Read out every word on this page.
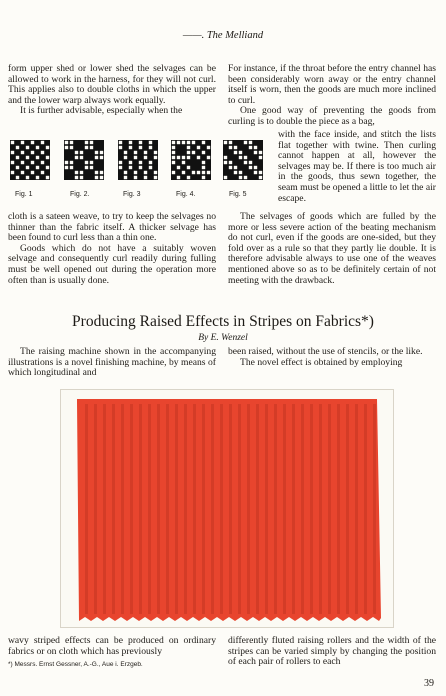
——. The Melliand

form upper shed or lower shed the selvages can be allowed to work in the harness, for they will not curl. This applies also to double cloths in which the upper and the lower warp always work equally.

It is further advisable, especially when the

Fig. 1	Fig. 2.	Fig. 3	Fig. 4.	Fig. 5

cloth is a sateen weave, to try to keep the selvages no thinner than the fabric itself. A thicker selvage has been found to curl less than a thin one.

Goods which do not have a suitably woven selvage and consequently curl readily during fulling must be well opened out during the operation more often than is usually done.

For instance, if the throat before the entry channel has been considerably worn away or the entry channel itself is worn, then the goods are much more inclined to curl.

One good way of preventing the goods from curling is to double the piece as a bag,

with the face inside, and stitch the lists flat together with twine. Then curling cannot happen at all, however the selvages may be. If there is too much air in the goods, thus sewn together, the seam must be opened a little to let the air escape.

The selvages of goods which are fulled by the more or less severe action of the beating mechanism do not curl, even if the goods are one-sided, but they fold over as a rule so that they partly lie double. It is therefore advisable always to use one of the weaves mentioned above so as to be definitely certain of not meeting with the drawback.

Producing Raised Effects in Stripes on Fabrics*)
By E. Wenzel

The raising machine shown in the accompanying illustrations is a novel finishing machine, by means of which longitudinal and

been raised, without the use of stencils, or the like.

The novel effect is obtained by employing

wavy striped effects can be produced on ordinary fabrics or on cloth which has previously

*) Messrs. Ernst Gessner, A.-G., Aue i. Erzgeb.

differently fluted raising rollers and the width of the stripes can be varied simply by changing the position of each pair of rollers to each

39
